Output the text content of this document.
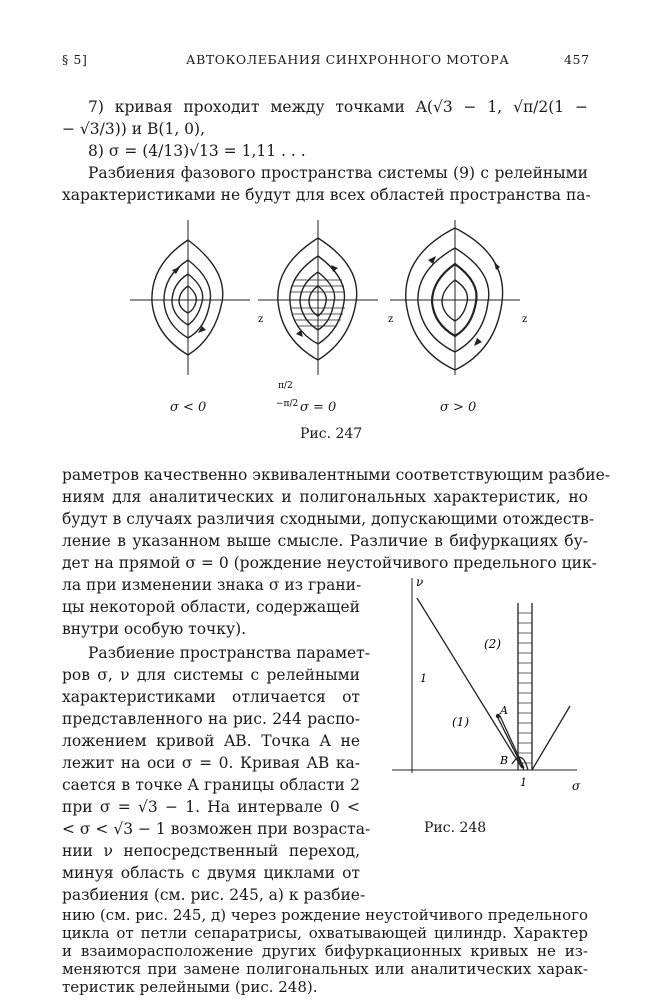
§ 5]	АВТОКОЛЕБАНИЯ СИНХРОННОГО МОТОРА	457
7) кривая проходит между точками A(√3 − 1, √π/2(1 −
− √3/3)) и B(1, 0),
8) σ = (4/13)√13 = 1,11 . . .
Разбиения фазового пространства системы (9) с релейными
характеристиками не будут для всех областей пространства па-
z	z	z
π/2
−π/2
σ < 0	σ = 0	σ > 0
Рис. 247
раметров качественно эквивалентными соответствующим разбие-
ниям для аналитических и полигональных характеристик, но
будут в случаях различия сходными, допускающими отождеств-
ление в указанном выше смысле. Различие в бифуркациях бу-
дет на прямой σ = 0 (рождение неустойчивого предельного цик-
ла при изменении знака σ из грани-
цы некоторой области, содержащей
внутри особую точку).
Разбиение пространства парамет-
ров σ, ν для системы с релейными
характеристиками отличается от
представленного на рис. 244 распо-
ложением кривой AB. Точка A не
лежит на оси σ = 0. Кривая AB ка-
сается в точке A границы области 2
при σ = √3 − 1. На интервале 0 <
< σ < √3 − 1 возможен при возраста-
нии ν непосредственный переход,
минуя область с двумя циклами от
разбиения (см. рис. 245, а) к разбие-
ν
σ
(2)
(1)
A
B
1
1
Рис. 248
нию (см. рис. 245, д) через рождение неустойчивого предельного
цикла от петли сепаратрисы, охватывающей цилиндр. Характер
и взаиморасположение других бифуркационных кривых не из-
меняются при замене полигональных или аналитических харак-
теристик релейными (рис. 248).
